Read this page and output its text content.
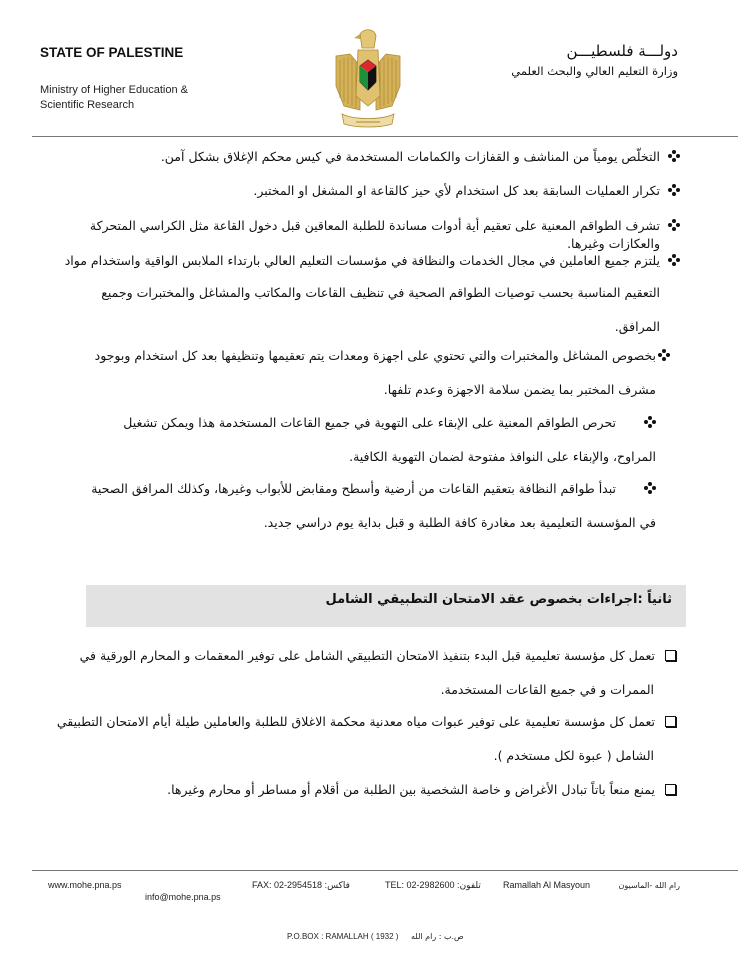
STATE OF PALESTINE
Ministry of Higher Education &
Scientific Research
دولـــة فلسطيـــن
وزارة التعليم العالي والبحث العلمي
التخلّص يومياً من المناشف و القفازات والكمامات المستخدمة في كيس محكم الإغلاق بشكل آمن.
تكرار العمليات السابقة بعد كل استخدام لأي حيز كالقاعة او المشغل او المختبر.
تشرف الطواقم المعنية على تعقيم أية أدوات مساندة للطلبة المعاقين قبل دخول القاعة مثل الكراسي المتحركة
والعكازات وغيرها.
يلتزم جميع العاملين في مجال الخدمات والنظافة في مؤسسات التعليم العالي بارتداء الملابس الواقية واستخدام مواد
التعقيم المناسبة بحسب توصيات الطواقم الصحية في تنظيف القاعات والمكاتب والمشاغل والمختبرات وجميع
المرافق.
بخصوص المشاغل والمختبرات والتي تحتوي على اجهزة ومعدات يتم تعقيمها وتنظيفها بعد كل استخدام وبوجود
مشرف المختبر بما يضمن سلامة الاجهزة وعدم تلفها.
تحرص الطواقم المعنية على الإبقاء على التهوية في جميع القاعات المستخدمة هذا ويمكن تشغيل
المراوح، والإبقاء على النوافذ مفتوحة لضمان التهوية الكافية.
تبدأ طواقم النظافة بتعقيم القاعات من أرضية وأسطح ومقابض للأبواب وغيرها، وكذلك المرافق الصحية
في المؤسسة التعليمية بعد مغادرة كافة الطلبة و قبل بداية يوم دراسي جديد.
ثانياً :اجراءات بخصوص عقد الامتحان التطبيقي الشامل
تعمل كل مؤسسة تعليمية قبل البدء بتنفيذ الامتحان التطبيقي الشامل على توفير المعقمات و المحارم الورقية في
الممرات و في جميع القاعات المستخدمة.
تعمل كل مؤسسة تعليمية على توفير عبوات مياه معدنية محكمة الاغلاق للطلبة والعاملين طيلة أيام الامتحان التطبيقي
الشامل ( عبوة لكل مستخدم ).
يمنع منعاً باتاً تبادل الأغراض و خاصة الشخصية بين الطلبة من أقلام أو مساطر أو محارم وغيرها.
www.mohe.pna.ps
info@mohe.pna.ps
FAX: 02-2954518 :فاكس	TEL: 02-2982600 :تلفون Ramallah Al Masyoun	رام الله -الماسيون
P.O.BOX : RAMALLAH ( 1932 ) ص.ب : رام الله
